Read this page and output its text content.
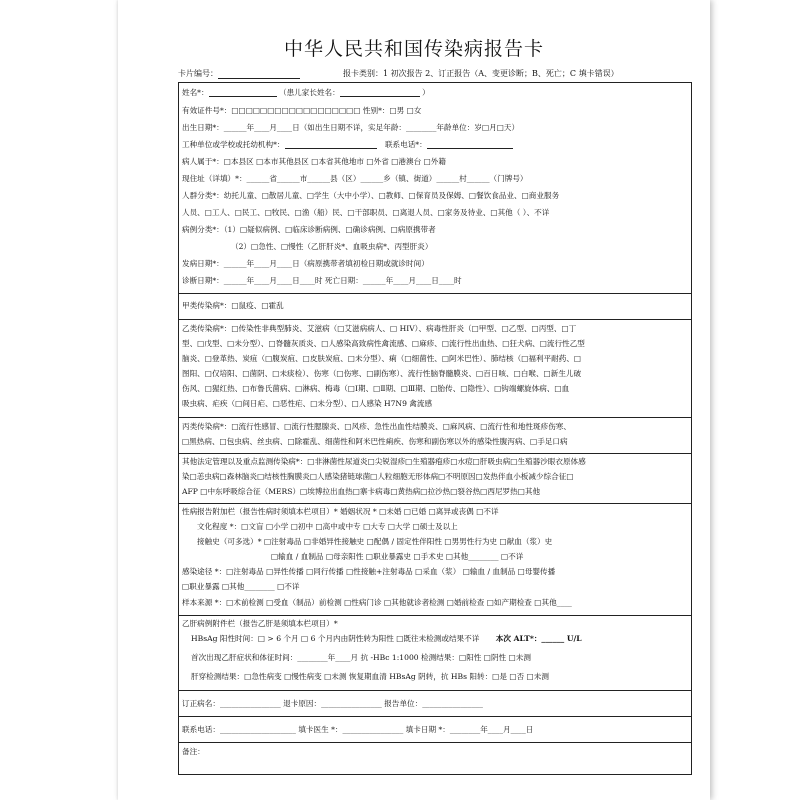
中华人民共和国传染病报告卡
卡片编号：	报卡类别：1 初次报告 2、订正报告（A、变更诊断；B、死亡；C 填卡错误）
姓名*：	（患儿家长姓名：	）
有效证件号*：□□□□□□□□□□□□□□□□□□ 性别*：□男 □女
出生日期*：______年____月____日（如出生日期不详，实足年龄：________年龄单位：岁□月□天）
工种单位或学校或托幼机构*：	联系电话*：
病人属于*：□本县区 □本市其他县区 □本省其他地市 □外省 □港澳台 □外籍
现住址（详填）*：______省______市______县（区）______乡（镇、街道）______村______（门牌号）
人群分类*：幼托儿童、□散居儿童、□学生（大中小学）、□教师、□保育员及保姆、□餐饮食品业、□商业服务
人员、□工人、□民工、□牧民、□渔（船）民、□干部职员、□离退人员、□家务及待业、□其他（ ）、不详
病例分类*：（1）□疑似病例、□临床诊断病例、□确诊病例、□病原携带者
（2）□急性、□慢性（乙肝肝炎*、血吸虫病*、丙型肝炎）
发病日期*：______年____月____日（病原携带者填初检日期或就诊时间）
诊断日期*：______年____月____日____时 死亡日期：______年____月____日____时
甲类传染病*：□鼠疫、□霍乱
乙类传染病*：□传染性非典型肺炎、艾滋病（□艾滋病病人、□ HIV）、病毒性肝炎（□甲型、□乙型、□丙型、□丁
型、□戊型、□未分型）、□脊髓灰质炎、□人感染高致病性禽流感、□麻疹、□流行性出血热、□狂犬病、□流行性乙型
脑炎、□登革热、炭疽（□腹炭疽、□皮肤炭疽、□未分型）、痢（□细菌性、□阿米巴性）、肺结核（□福利平耐药、□
图阳、□仅培阳、□菌阴、□未痰检）、伤寒（□伤寒、□副伤寒）、流行性脑脊髓膜炎、□百日咳、□白喉、□新生儿破
伤风、□猩红热、□布鲁氏菌病、□淋病、梅毒（□Ⅰ期、□Ⅱ期、□Ⅲ期、□胎传、□隐性）、□钩端螺旋体病、□血
吸虫病、疟疾（□间日疟、□恶性疟、□未分型）、□人感染 H7N9 禽流感
丙类传染病*：□流行性感冒、□流行性腮腺炎、□风疹、急性出血性结膜炎、□麻风病、□流行性和地性斑疹伤寒、
□黑热病、□包虫病、丝虫病、□除霍乱、细菌性和阿米巴性痢疾、伤寒和副伤寒以外的感染性腹泻病、□手足口病
其他法定管理以及重点监测传染病*：□非淋菌性尿道炎□尖锐湿疹□生殖器疱疹□水痘□肝吸虫病□生殖器沙眼衣原体感
染□恙虫病□森林脑炎□结核性胸膜炎□人感染猪链球菌□人粒细胞无形体病□不明原因□发热伴血小板减少综合征□
AFP □中东呼吸综合征（MERS）□埃博拉出血热□寨卡病毒□黄热病□拉沙热□裂谷热□西尼罗热□其他
性病报告附加栏（报告性病时须填本栏项目）* 婚姻状况 * □未婚 □已婚 □离异或丧偶 □不详
文化程度 *：□文盲 □小学 □初中 □高中或中专 □大专 □大学 □硕士及以上
接触史（可多选）* □注射毒品 □非婚异性接触史 □配偶 / 固定性伴阳性 □男男性行为史 □献血（浆）史
□输血 / 血制品 □母亲阳性 □职业暴露史 □手术史 □其他________ □不详
感染途径 *：□注射毒品 □异性传播 □同行传播 □性接触+注射毒品 □采血（浆） □输血 / 血制品 □母婴传播
□职业暴露 □其他________ □不详
样本来源 *：□术前检测 □受血（制品）前检测 □性病门诊 □其他就诊者检测 □婚前检查 □如产期检查 □其他____
乙肝病例附件栏（报告乙肝是须填本栏项目）*
HBsAg 阳性时间：□ > 6 个月 □ 6 个月内由阴性转为阳性 □既往未检测或结果不详 本次 ALT*：______ U/L
首次出现乙肝症状和体征时间：________年____月 抗 -HBc 1:1000 检测结果：□阳性 □阴性 □未测
肝穿检测结果：□急性病变 □慢性病变 □未测 恢复期血清 HBsAg 阴转，抗 HBs 阳转：□是 □否 □未测
订正病名：________________ 退卡原因：________________ 报告单位：________________
联系电话：____________________ 填卡医生 *：________________ 填卡日期 *：________年____月____日
备注：
